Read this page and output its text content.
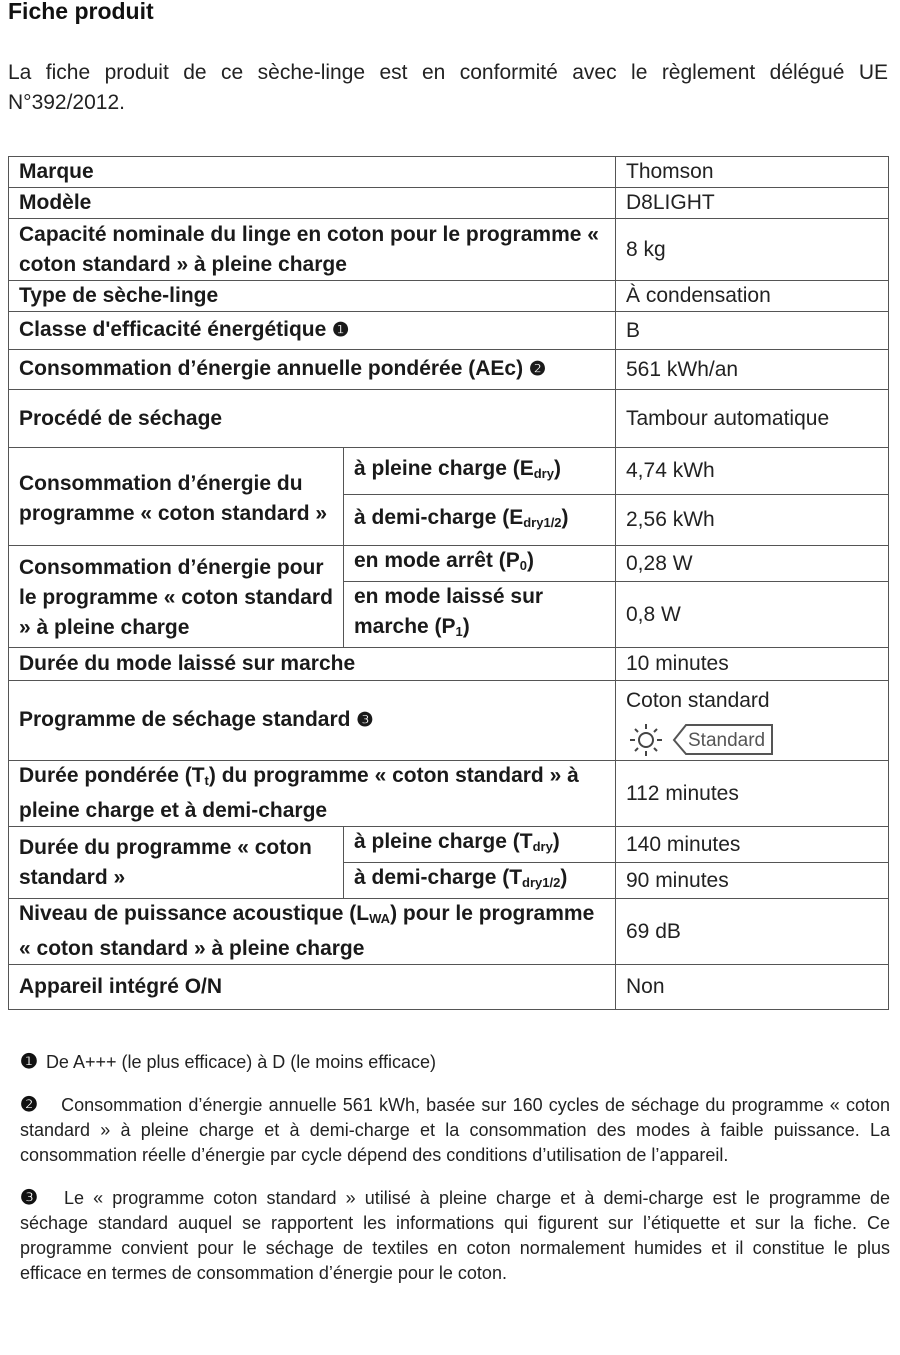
Fiche produit

La fiche produit de ce sèche-linge est en conformité avec le règlement délégué UE N°392/2012.

Marque		Thomson
Modèle		D8LIGHT
Capacité nominale du linge en coton pour le programme « coton standard » à pleine charge		8 kg
Type de sèche-linge		À condensation
Classe d'efficacité énergétique ❶		B
Consommation d’énergie annuelle pondérée (AEc) ❷		561 kWh/an
Procédé de séchage		Tambour automatique
Consommation d’énergie du programme « coton standard »	à pleine charge $(E_{dry})$	4,74 kWh
	à demi-charge $(E_{dry1/2})$	2,56 kWh
Consommation d’énergie pour le programme « coton standard » à pleine charge	en mode arrêt $(P_0)$	0,28 W
	en mode laissé sur marche $(P_1)$	0,8 W
Durée du mode laissé sur marche		10 minutes
Programme de séchage standard ❸		Coton standard
Standard

Durée pondérée $(T_t)$ du programme « coton standard » à pleine charge et à demi-charge		112 minutes
Durée du programme « coton standard »	à pleine charge $(T_{dry})$	140 minutes
	à demi-charge $(T_{dry1/2})$	90 minutes
Niveau de puissance acoustique $(L_{WA})$ pour le programme « coton standard » à pleine charge		69 dB
Appareil intégré O/N		Non

❶ De A+++ (le plus efficace) à D (le moins efficace)

❷ Consommation d’énergie annuelle 561 kWh, basée sur 160 cycles de séchage du programme « coton standard » à pleine charge et à demi-charge et la consommation des modes à faible puissance. La consommation réelle d’énergie par cycle dépend des conditions d’utilisation de l’appareil.

❸ Le « programme coton standard » utilisé à pleine charge et à demi-charge est le programme de séchage standard auquel se rapportent les informations qui figurent sur l’étiquette et sur la fiche. Ce programme convient pour le séchage de textiles en coton normalement humides et il constitue le plus efficace en termes de consommation d’énergie pour le coton.
